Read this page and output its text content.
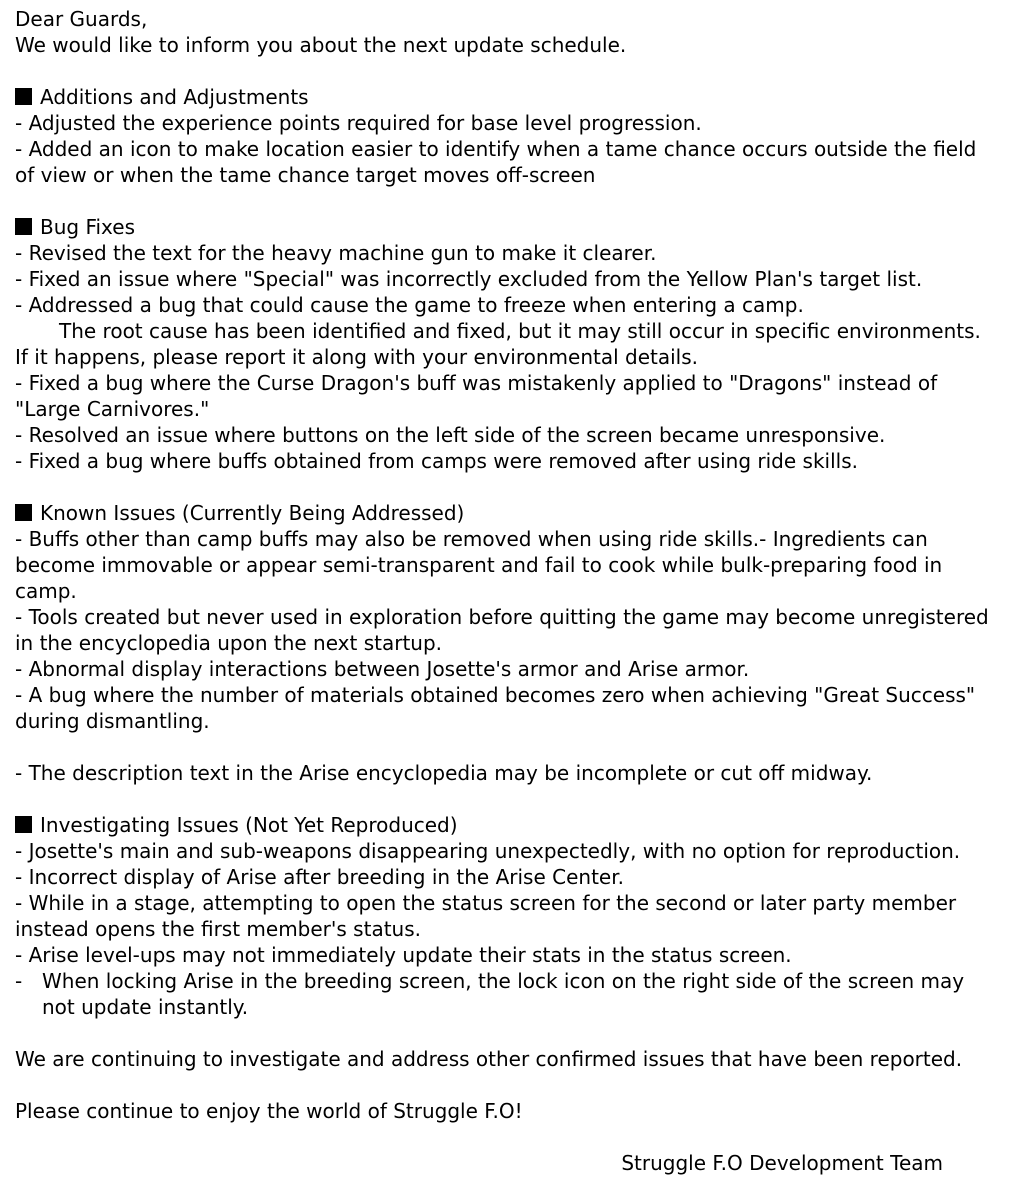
Dear Guards,

We would like to inform you about the next update schedule.

Additions and Adjustments

- Adjusted the experience points required for base level progression.

- Added an icon to make location easier to identify when a tame chance occurs outside the field of view or when the tame chance target moves off-screen

Bug Fixes

- Revised the text for the heavy machine gun to make it clearer.

- Fixed an issue where "Special" was incorrectly excluded from the Yellow Plan's target list.

- Addressed a bug that could cause the game to freeze when entering a camp.

The root cause has been identified and fixed, but it may still occur in specific environments. If it happens, please report it along with your environmental details.

- Fixed a bug where the Curse Dragon's buff was mistakenly applied to "Dragons" instead of "Large Carnivores."

- Resolved an issue where buttons on the left side of the screen became unresponsive.

- Fixed a bug where buffs obtained from camps were removed after using ride skills.

Known Issues (Currently Being Addressed)

- Buffs other than camp buffs may also be removed when using ride skills.- Ingredients can become immovable or appear semi-transparent and fail to cook while bulk-preparing food in camp.

- Tools created but never used in exploration before quitting the game may become unregistered in the encyclopedia upon the next startup.

- Abnormal display interactions between Josette's armor and Arise armor.

- A bug where the number of materials obtained becomes zero when achieving "Great Success" during dismantling.

- The description text in the Arise encyclopedia may be incomplete or cut off midway.

Investigating Issues (Not Yet Reproduced)

- Josette's main and sub-weapons disappearing unexpectedly, with no option for reproduction.

- Incorrect display of Arise after breeding in the Arise Center.

- While in a stage, attempting to open the status screen for the second or later party member instead opens the first member's status.

- Arise level-ups may not immediately update their stats in the status screen.

- When locking Arise in the breeding screen, the lock icon on the right side of the screen may not update instantly.

We are continuing to investigate and address other confirmed issues that have been reported.

Please continue to enjoy the world of Struggle F.O!

Struggle F.O Development Team
